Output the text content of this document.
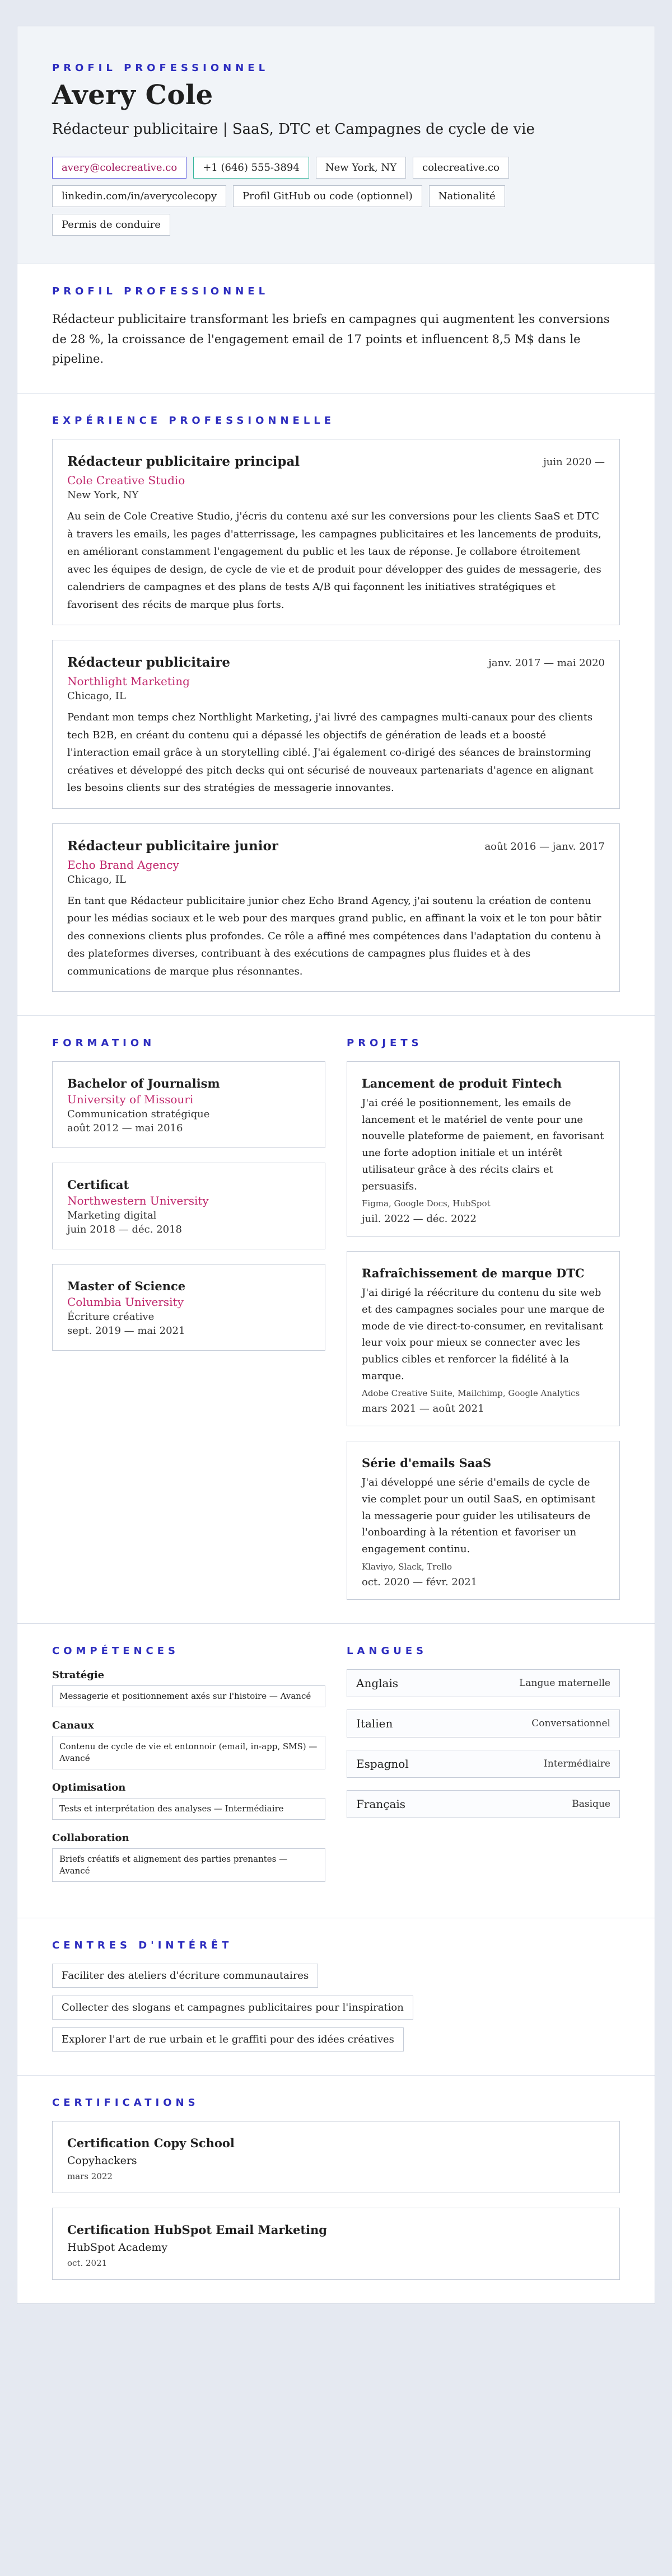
PROFIL PROFESSIONNEL
Avery Cole
Rédacteur publicitaire | SaaS, DTC et Campagnes de cycle de vie
avery@colecreative.co	+1 (646) 555-3894	New York, NY	colecreative.co
linkedin.com/in/averycolecopy	Profil GitHub ou code (optionnel)	Nationalité
Permis de conduire
PROFIL PROFESSIONNEL

Rédacteur publicitaire transformant les briefs en campagnes qui augmentent les conversions de 28 %, la croissance de l'engagement email de 17 points et influencent 8,5 M$ dans le pipeline.

EXPÉRIENCE PROFESSIONNELLE
Rédacteur publicitaire principal	juin 2020 —
Cole Creative Studio
New York, NY

Au sein de Cole Creative Studio, j'écris du contenu axé sur les conversions pour les clients SaaS et DTC à travers les emails, les pages d'atterrissage, les campagnes publicitaires et les lancements de produits, en améliorant constamment l'engagement du public et les taux de réponse. Je collabore étroitement avec les équipes de design, de cycle de vie et de produit pour développer des guides de messagerie, des calendriers de campagnes et des plans de tests A/B qui façonnent les initiatives stratégiques et favorisent des récits de marque plus forts.

Rédacteur publicitaire	janv. 2017 — mai 2020
Northlight Marketing
Chicago, IL

Pendant mon temps chez Northlight Marketing, j'ai livré des campagnes multi-canaux pour des clients tech B2B, en créant du contenu qui a dépassé les objectifs de génération de leads et a boosté l'interaction email grâce à un storytelling ciblé. J'ai également co-dirigé des séances de brainstorming créatives et développé des pitch decks qui ont sécurisé de nouveaux partenariats d'agence en alignant les besoins clients sur des stratégies de messagerie innovantes.

Rédacteur publicitaire junior	août 2016 — janv. 2017
Echo Brand Agency
Chicago, IL

En tant que Rédacteur publicitaire junior chez Echo Brand Agency, j'ai soutenu la création de contenu pour les médias sociaux et le web pour des marques grand public, en affinant la voix et le ton pour bâtir des connexions clients plus profondes. Ce rôle a affiné mes compétences dans l'adaptation du contenu à des plateformes diverses, contribuant à des exécutions de campagnes plus fluides et à des communications de marque plus résonnantes.

FORMATION
Bachelor of Journalism
University of Missouri
Communication stratégique
août 2012 — mai 2016
Certificat
Northwestern University
Marketing digital
juin 2018 — déc. 2018
Master of Science
Columbia University
Écriture créative
sept. 2019 — mai 2021
PROJETS
Lancement de produit Fintech

J'ai créé le positionnement, les emails de lancement et le matériel de vente pour une nouvelle plateforme de paiement, en favorisant une forte adoption initiale et un intérêt utilisateur grâce à des récits clairs et persuasifs.

Figma, Google Docs, HubSpot

juil. 2022 — déc. 2022

Rafraîchissement de marque DTC

J'ai dirigé la réécriture du contenu du site web et des campagnes sociales pour une marque de mode de vie direct-to-consumer, en revitalisant leur voix pour mieux se connecter avec les publics cibles et renforcer la fidélité à la marque.

Adobe Creative Suite, Mailchimp, Google Analytics

mars 2021 — août 2021

Série d'emails SaaS

J'ai développé une série d'emails de cycle de vie complet pour un outil SaaS, en optimisant la messagerie pour guider les utilisateurs de l'onboarding à la rétention et favoriser un engagement continu.

Klaviyo, Slack, Trello

oct. 2020 — févr. 2021

COMPÉTENCES
Stratégie
Messagerie et positionnement axés sur l'histoire — Avancé
Canaux
Contenu de cycle de vie et entonnoir (email, in-app, SMS) — Avancé
Optimisation
Tests et interprétation des analyses — Intermédiaire
Collaboration
Briefs créatifs et alignement des parties prenantes — Avancé
LANGUES
Anglais	Langue maternelle
Italien	Conversationnel
Espagnol	Intermédiaire
Français	Basique
CENTRES D'INTÉRÊT
Faciliter des ateliers d'écriture communautaires
Collecter des slogans et campagnes publicitaires pour l'inspiration
Explorer l'art de rue urbain et le graffiti pour des idées créatives
CERTIFICATIONS
Certification Copy School
Copyhackers
mars 2022
Certification HubSpot Email Marketing
HubSpot Academy
oct. 2021
